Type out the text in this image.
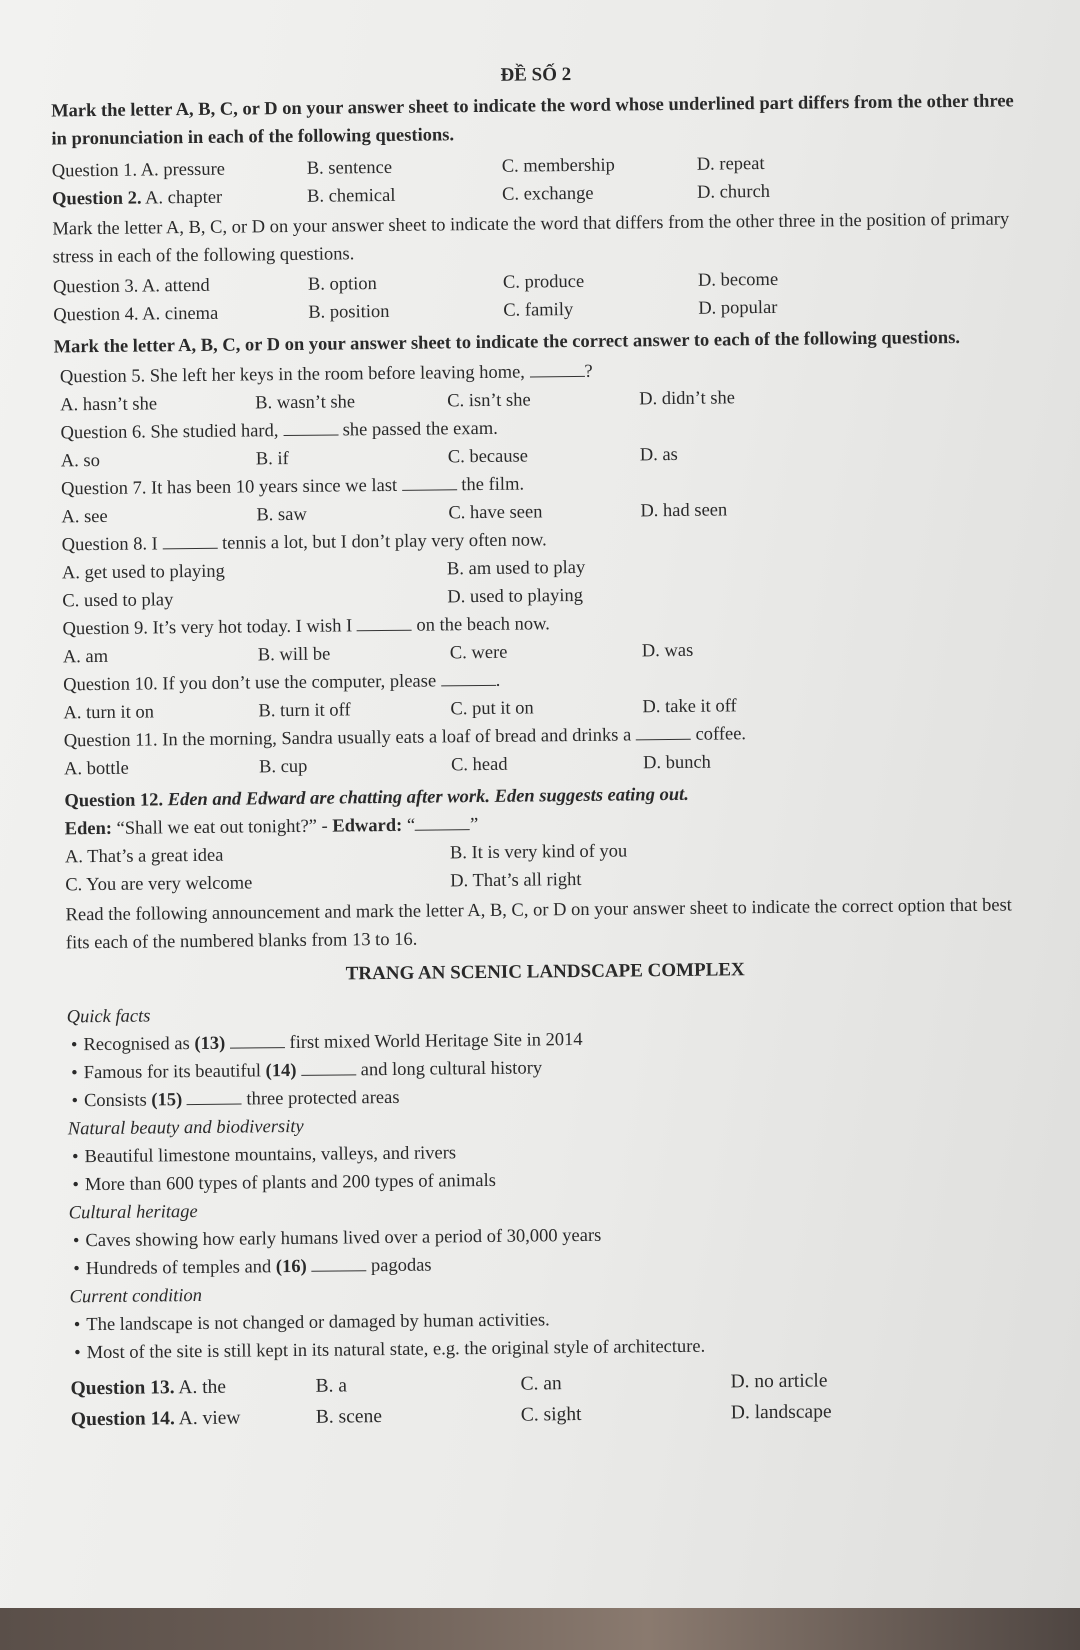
ĐỀ SỐ 2
Mark the letter A, B, C, or D on your answer sheet to indicate the word whose underlined part differs from the other three in pronunciation in each of the following questions.
Question 1. A. pressure	B. sentence	C. membership	D. repeat
Question 2. A. chapter	B. chemical	C. exchange	D. church
Mark the letter A, B, C, or D on your answer sheet to indicate the word that differs from the other three in the position of primary stress in each of the following questions.
Question 3. A. attend	B. option	C. produce	D. become
Question 4. A. cinema	B. position	C. family	D. popular
Mark the letter A, B, C, or D on your answer sheet to indicate the correct answer to each of the following questions.
Question 5. She left her keys in the room before leaving home,	?
A. hasn’t she	B. wasn’t she	C. isn’t she	D. didn’t she
Question 6. She studied hard,	she passed the exam.
A. so	B. if	C. because	D. as
Question 7. It has been 10 years since we last	the film.
A. see	B. saw	C. have seen	D. had seen
Question 8. I	tennis a lot, but I don’t play very often now.
A. get used to playing	B. am used to play
C. used to play	D. used to playing
Question 9. It’s very hot today. I wish I	on the beach now.
A. am	B. will be	C. were	D. was
Question 10. If you don’t use the computer, please	.
A. turn it on	B. turn it off	C. put it on	D. take it off
Question 11. In the morning, Sandra usually eats a loaf of bread and drinks a	coffee.
A. bottle	B. cup	C. head	D. bunch
Question 12. Eden and Edward are chatting after work. Eden suggests eating out.
Eden: “Shall we eat out tonight?” - Edward: “	”
A. That’s a great idea	B. It is very kind of you
C. You are very welcome	D. That’s all right
Read the following announcement and mark the letter A, B, C, or D on your answer sheet to indicate the correct option that best fits each of the numbered blanks from 13 to 16.
TRANG AN SCENIC LANDSCAPE COMPLEX
Quick facts
• Recognised as (13)	first mixed World Heritage Site in 2014
• Famous for its beautiful (14)	and long cultural history
• Consists (15)	three protected areas
Natural beauty and biodiversity
• Beautiful limestone mountains, valleys, and rivers
• More than 600 types of plants and 200 types of animals
Cultural heritage
• Caves showing how early humans lived over a period of 30,000 years
• Hundreds of temples and (16)	pagodas
Current condition
• The landscape is not changed or damaged by human activities.
• Most of the site is still kept in its natural state, e.g. the original style of architecture.
Question 13. A. the	B. a	C. an	D. no article
Question 14. A. view	B. scene	C. sight	D. landscape
